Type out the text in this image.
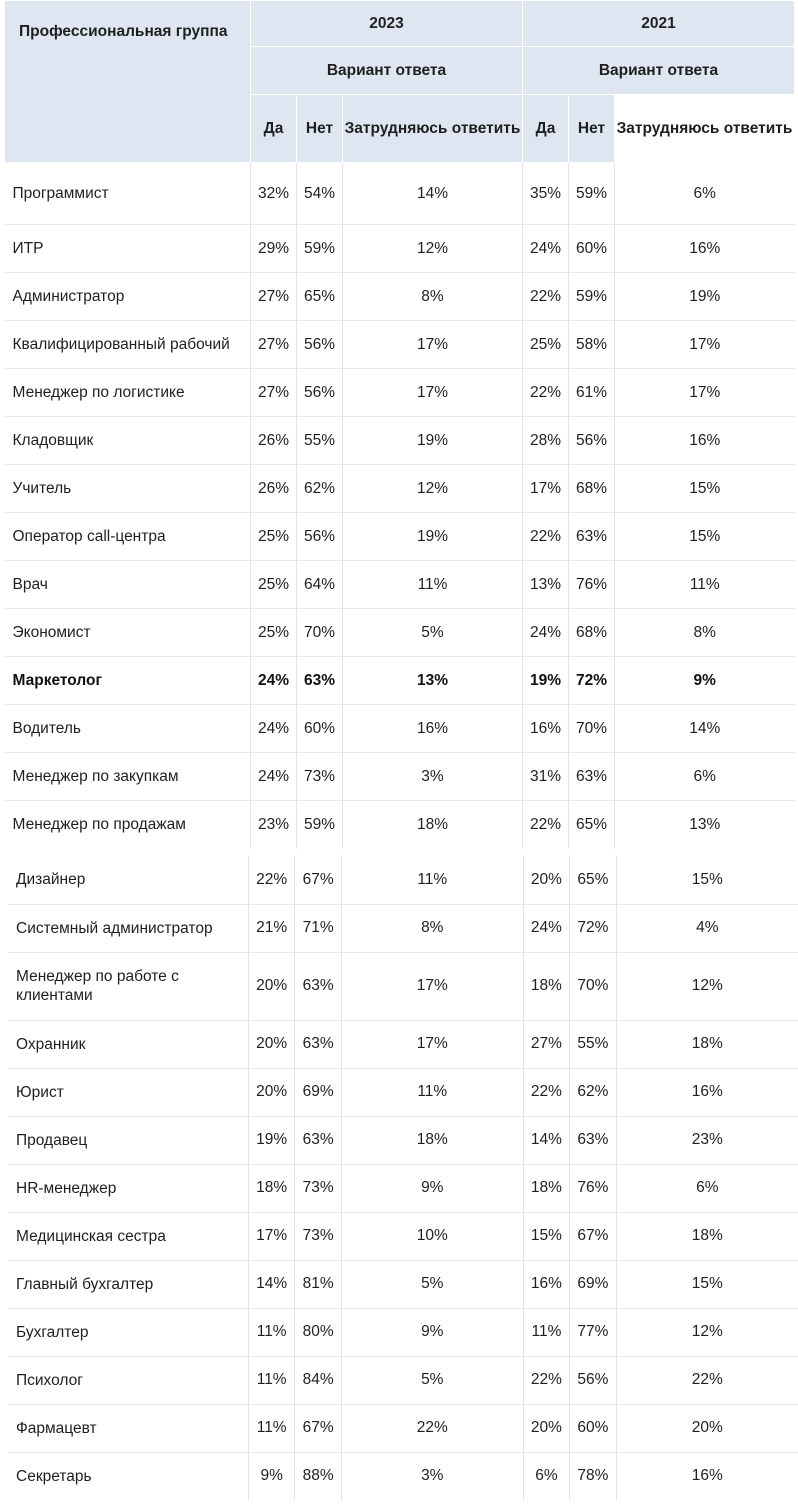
Профессиональная группа	2023			2021		
	Вариант ответа			Вариант ответа		
	Да	Нет	Затрудняюсь ответить	Да	Нет	Затрудняюсь ответить
Программист	32%	54%	14%	35%	59%	6%
ИТР	29%	59%	12%	24%	60%	16%
Администратор	27%	65%	8%	22%	59%	19%
Квалифицированный рабочий	27%	56%	17%	25%	58%	17%
Менеджер по логистике	27%	56%	17%	22%	61%	17%
Кладовщик	26%	55%	19%	28%	56%	16%
Учитель	26%	62%	12%	17%	68%	15%
Оператор call-центра	25%	56%	19%	22%	63%	15%
Врач	25%	64%	11%	13%	76%	11%
Экономист	25%	70%	5%	24%	68%	8%
Маркетолог	24%	63%	13%	19%	72%	9%
Водитель	24%	60%	16%	16%	70%	14%
Менеджер по закупкам	24%	73%	3%	31%	63%	6%
Менеджер по продажам	23%	59%	18%	22%	65%	13%
Дизайнер	22%	67%	11%	20%	65%	15%
Системный администратор	21%	71%	8%	24%	72%	4%
Менеджер по работе с клиентами	20%	63%	17%	18%	70%	12%
Охранник	20%	63%	17%	27%	55%	18%
Юрист	20%	69%	11%	22%	62%	16%
Продавец	19%	63%	18%	14%	63%	23%
HR-менеджер	18%	73%	9%	18%	76%	6%
Медицинская сестра	17%	73%	10%	15%	67%	18%
Главный бухгалтер	14%	81%	5%	16%	69%	15%
Бухгалтер	11%	80%	9%	11%	77%	12%
Психолог	11%	84%	5%	22%	56%	22%
Фармацевт	11%	67%	22%	20%	60%	20%
Секретарь	9%	88%	3%	6%	78%	16%
